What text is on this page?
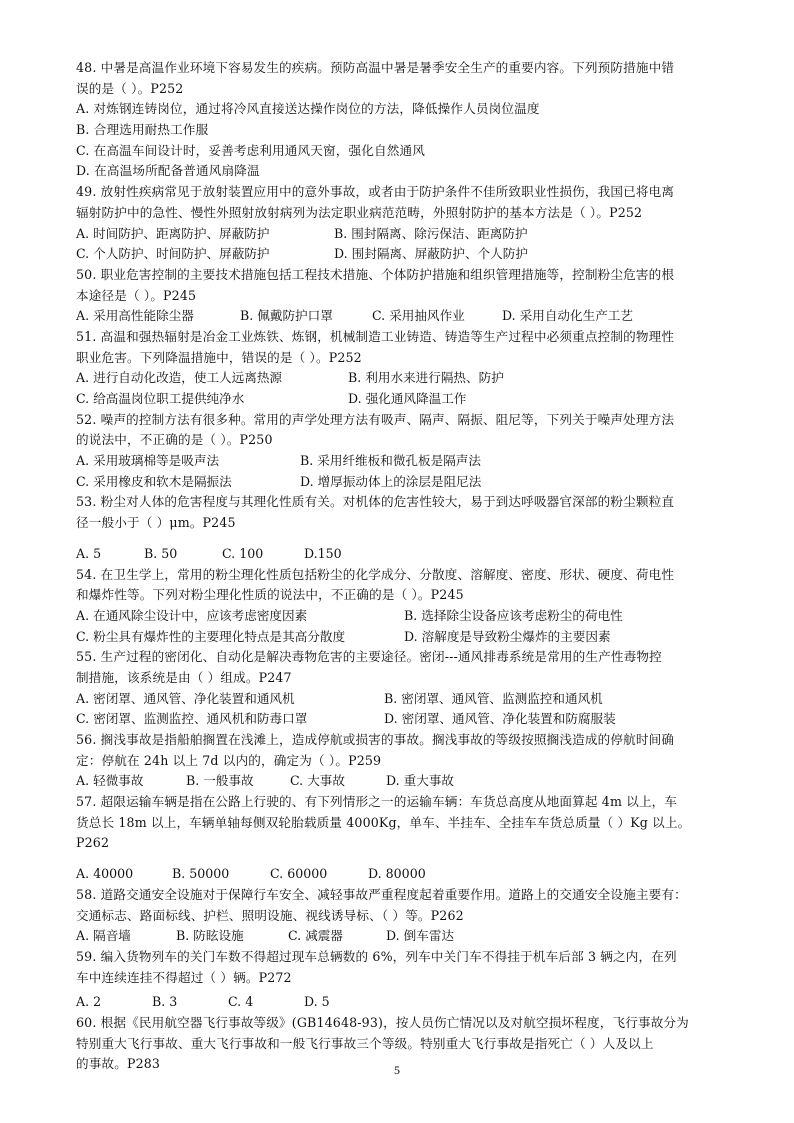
48. 中暑是高温作业环境下容易发生的疾病。预防高温中暑是暑季安全生产的重要内容。下列预防措施中错
误的是（ ）。P252
A. 对炼钢连铸岗位，通过将冷风直接送达操作岗位的方法，降低操作人员岗位温度
B. 合理选用耐热工作服
C. 在高温车间设计时，妥善考虑利用通风天窗，强化自然通风
D. 在高温场所配备普通风扇降温
49. 放射性疾病常见于放射装置应用中的意外事故，或者由于防护条件不佳所致职业性损伤，我国已将电离
辐射防护中的急性、慢性外照射放射病列为法定职业病范范畴，外照射防护的基本方法是（ ）。P252
A. 时间防护、距离防护、屏蔽防护	B. 围封隔离、除污保洁、距离防护
C. 个人防护、时间防护、屏蔽防护	D. 围封隔离、屏蔽防护、个人防护
50. 职业危害控制的主要技术措施包括工程技术措施、个体防护措施和组织管理措施等，控制粉尘危害的根
本途径是（ ）。P245
A. 采用高性能除尘器	B. 佩戴防护口罩	C. 采用抽风作业	D. 采用自动化生产工艺
51. 高温和强热辐射是冶金工业炼铁、炼钢，机械制造工业铸造、铸造等生产过程中必须重点控制的物理性
职业危害。下列降温措施中，错误的是（ ）。P252
A. 进行自动化改造，使工人远离热源	B. 利用水来进行隔热、防护
C. 给高温岗位职工提供纯净水	D. 强化通风降温工作
52. 噪声的控制方法有很多种。常用的声学处理方法有吸声、隔声、隔振、阻尼等，下列关于噪声处理方法
的说法中，不正确的是（ ）。P250
A. 采用玻璃棉等是吸声法	B. 采用纤维板和微孔板是隔声法
C. 采用橡皮和软木是隔振法	D. 增厚振动体上的涂层是阻尼法
53. 粉尘对人体的危害程度与其理化性质有关。对机体的危害性较大，易于到达呼吸器官深部的粉尘颗粒直
径一般小于（ ）μm。P245
A. 5	B. 50	C. 100	D.150
54. 在卫生学上，常用的粉尘理化性质包括粉尘的化学成分、分散度、溶解度、密度、形状、硬度、荷电性
和爆炸性等。下列对粉尘理化性质的说法中，不正确的是（ ）。P245
A. 在通风除尘设计中，应该考虑密度因素	B. 选择除尘设备应该考虑粉尘的荷电性
C. 粉尘具有爆炸性的主要理化特点是其高分散度	D. 溶解度是导致粉尘爆炸的主要因素
55. 生产过程的密闭化、自动化是解决毒物危害的主要途径。密闭---通风排毒系统是常用的生产性毒物控
制措施，该系统是由（ ）组成。P247
A. 密闭罩、通风管、净化装置和通风机	B. 密闭罩、通风管、监测监控和通风机
C. 密闭罩、监测监控、通风机和防毒口罩	D. 密闭罩、通风管、净化装置和防腐服装
56. 搁浅事故是指船舶搁置在浅滩上，造成停航或损害的事故。搁浅事故的等级按照搁浅造成的停航时间确
定：停航在 24h 以上 7d 以内的，确定为（ ）。P259
A. 轻微事故	B. 一般事故	C. 大事故	D. 重大事故
57. 超限运输车辆是指在公路上行驶的、有下列情形之一的运输车辆：车货总高度从地面算起 4m 以上，车
货总长 18m 以上，车辆单轴每侧双轮胎载质量 4000Kg，单车、半挂车、全挂车车货总质量（ ）Kg 以上。
P262
A. 40000	B. 50000	C. 60000	D. 80000
58. 道路交通安全设施对于保障行车安全、减轻事故严重程度起着重要作用。道路上的交通安全设施主要有：
交通标志、路面标线、护栏、照明设施、视线诱导标、（ ）等。P262
A. 隔音墙	B. 防眩设施	C. 减震器	D. 倒车雷达
59. 编入货物列车的关门车数不得超过现车总辆数的 6%，列车中关门车不得挂于机车后部 3 辆之内，在列
车中连续连挂不得超过（ ）辆。P272
A. 2	B. 3	C. 4	D. 5
60. 根据《民用航空器飞行事故等级》(GB14648-93)，按人员伤亡情况以及对航空损坏程度，飞行事故分为
特别重大飞行事故、重大飞行事故和一般飞行事故三个等级。特别重大飞行事故是指死亡（ ）人及以上
的事故。P283	5
